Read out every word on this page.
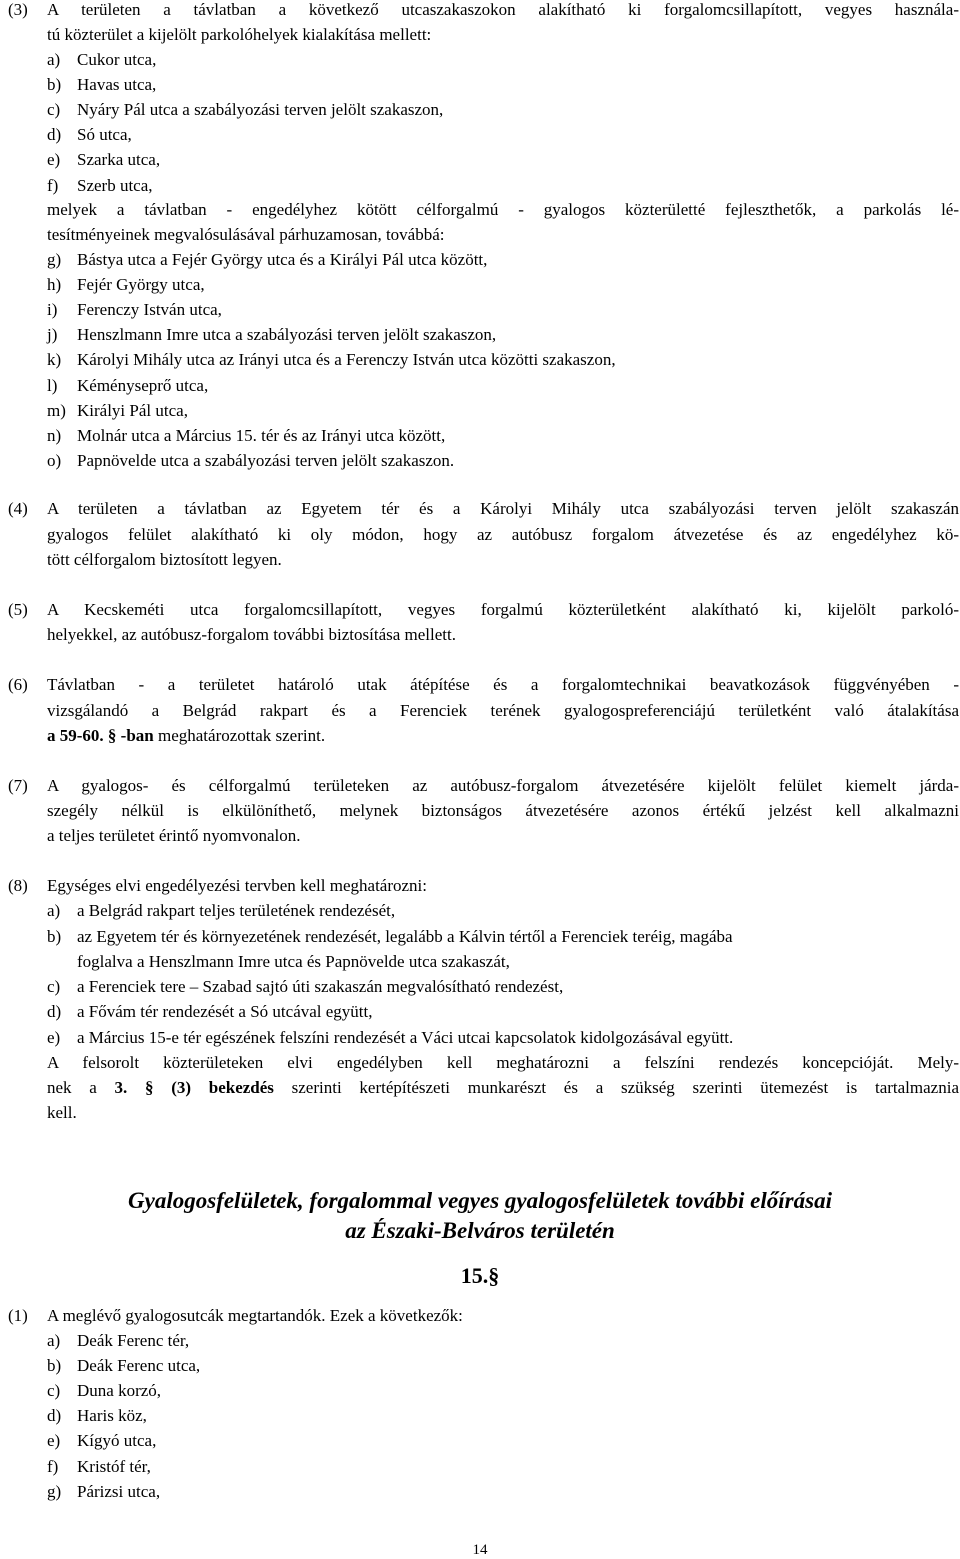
(3) A területen a távlatban a következő utcaszakaszokon alakítható ki forgalomcsillapított, vegyes használa-
tú közterület a kijelölt parkolóhelyek kialakítása mellett:
a) Cukor utca,
b) Havas utca,
c) Nyáry Pál utca a szabályozási terven jelölt szakaszon,
d) Só utca,
e) Szarka utca,
f) Szerb utca,
melyek a távlatban - engedélyhez kötött célforgalmú - gyalogos közterületté fejleszthetők, a parkolás lé-
tesítményeinek megvalósulásával párhuzamosan, továbbá:
g) Bástya utca a Fejér György utca és a Királyi Pál utca között,
h) Fejér György utca,
i) Ferenczy István utca,
j) Henszlmann Imre utca a szabályozási terven jelölt szakaszon,
k) Károlyi Mihály utca az Irányi utca és a Ferenczy István utca közötti szakaszon,
l) Kéményseprő utca,
m) Királyi Pál utca,
n) Molnár utca a Március 15. tér és az Irányi utca között,
o) Papnövelde utca a szabályozási terven jelölt szakaszon.
(4) A területen a távlatban az Egyetem tér és a Károlyi Mihály utca szabályozási terven jelölt szakaszán
gyalogos felület alakítható ki oly módon, hogy az autóbusz forgalom átvezetése és az engedélyhez kö-
tött célforgalom biztosított legyen.
(5) A Kecskeméti utca forgalomcsillapított, vegyes forgalmú közterületként alakítható ki, kijelölt parkoló-
helyekkel, az autóbusz-forgalom további biztosítása mellett.
(6) Távlatban - a területet határoló utak átépítése és a forgalomtechnikai beavatkozások függvényében -
vizsgálandó a Belgrád rakpart és a Ferenciek terének gyalogospreferenciájú területként való átalakítása
a 59-60. § -ban meghatározottak szerint.
(7) A gyalogos- és célforgalmú területeken az autóbusz-forgalom átvezetésére kijelölt felület kiemelt járda-
szegély nélkül is elkülöníthető, melynek biztonságos átvezetésére azonos értékű jelzést kell alkalmazni
a teljes területet érintő nyomvonalon.
(8) Egységes elvi engedélyezési tervben kell meghatározni:
a) a Belgrád rakpart teljes területének rendezését,
b) az Egyetem tér és környezetének rendezését, legalább a Kálvin tértől a Ferenciek teréig, magába
foglalva a Henszlmann Imre utca és Papnövelde utca szakaszát,
c) a Ferenciek tere – Szabad sajtó úti szakaszán megvalósítható rendezést,
d) a Fővám tér rendezését a Só utcával együtt,
e) a Március 15-e tér egészének felszíni rendezését a Váci utcai kapcsolatok kidolgozásával együtt.
A felsorolt közterületeken elvi engedélyben kell meghatározni a felszíni rendezés koncepcióját. Mely-
nek a 3. § (3) bekezdés szerinti kertépítészeti munkarészt és a szükség szerinti ütemezést is tartalmaznia
kell.
Gyalogosfelületek, forgalommal vegyes gyalogosfelületek további előírásai
az Északi-Belváros területén
15.§
(1) A meglévő gyalogosutcák megtartandók. Ezek a következők:
a) Deák Ferenc tér,
b) Deák Ferenc utca,
c) Duna korzó,
d) Haris köz,
e) Kígyó utca,
f) Kristóf tér,
g) Párizsi utca,
14
